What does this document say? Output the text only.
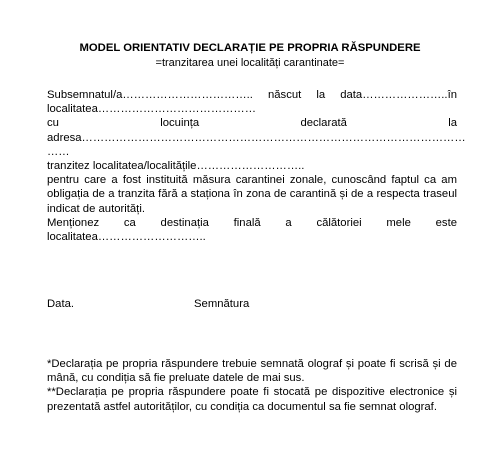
MODEL ORIENTATIV DECLARAȚIE PE PROPRIA RĂSPUNDERE
=tranzitarea unei localități carantinate=
Subsemnatul/a…………………………….. născut la data…………………..în
localitatea……………………………………
cu locuința declarată la
adresa…………………………………………………………………………………………
……
tranzitez localitatea/localitățile………………………..
pentru care a fost instituită măsura carantinei zonale, cunoscând faptul ca am obligația de a tranzita fără a staționa în zona de carantină și de a respecta traseul indicat de autorități.
Menționez ca destinația finală a călătoriei mele este
localitatea………………………..
Data.	Semnătura
*Declarația pe propria răspundere trebuie semnată olograf și poate fi scrisă și de mână, cu condiția să fie preluate datele de mai sus.
**Declarația pe propria răspundere poate fi stocată pe dispozitive electronice și prezentată astfel autorităților, cu condiția ca documentul sa fie semnat olograf.
